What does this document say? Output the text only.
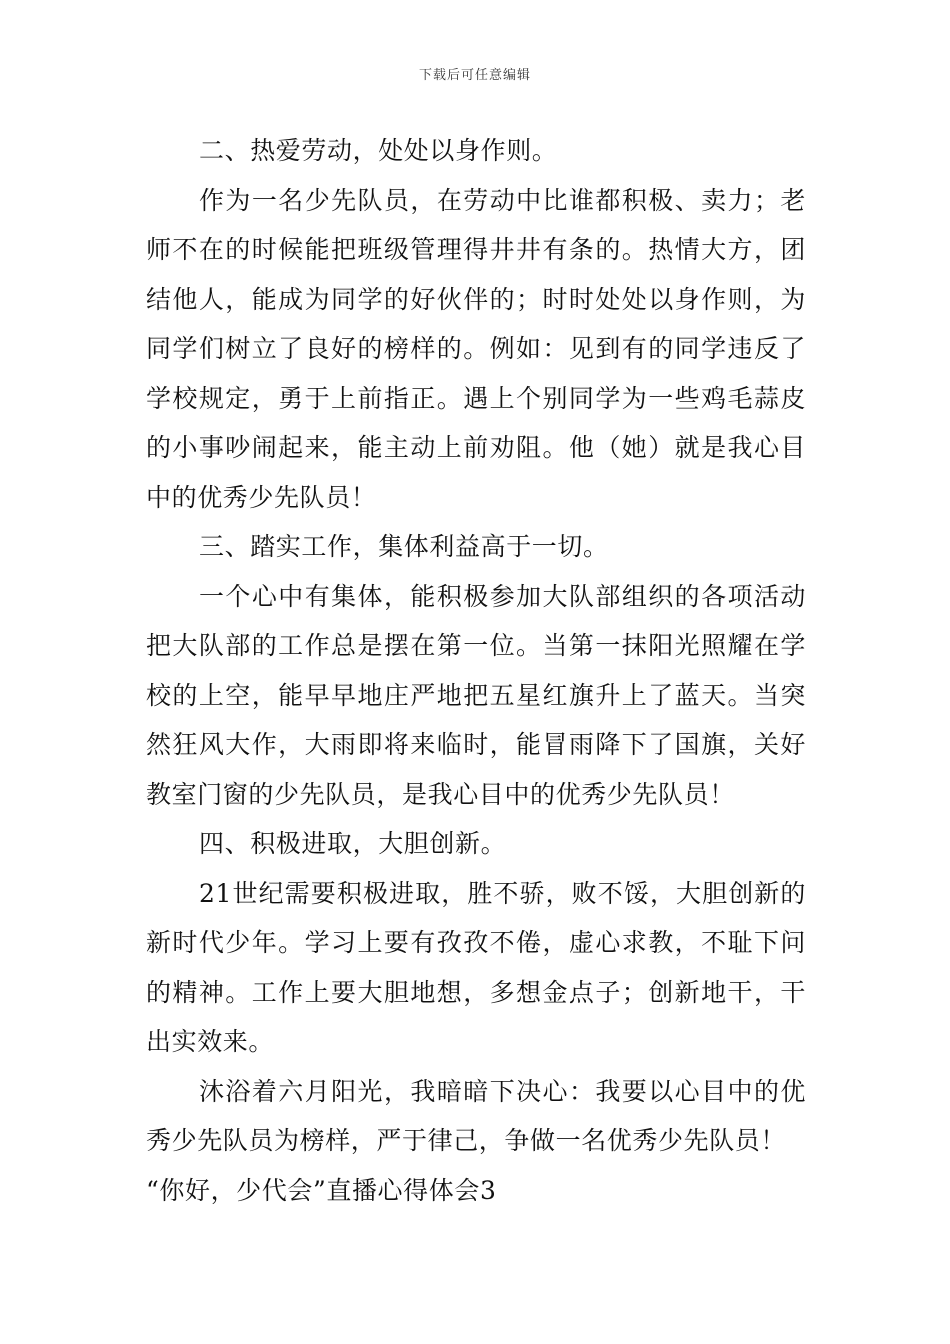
下载后可任意编辑

二、热爱劳动，处处以身作则。

作为一名少先队员，在劳动中比谁都积极、卖力；老师不在的时候能把班级管理得井井有条的。热情大方，团结他人，能成为同学的好伙伴的；时时处处以身作则，为同学们树立了良好的榜样的。例如：见到有的同学违反了学校规定，勇于上前指正。遇上个别同学为一些鸡毛蒜皮的小事吵闹起来，能主动上前劝阻。他（她）就是我心目中的优秀少先队员！

三、踏实工作，集体利益高于一切。

一个心中有集体，能积极参加大队部组织的各项活动把大队部的工作总是摆在第一位。当第一抹阳光照耀在学校的上空，能早早地庄严地把五星红旗升上了蓝天。当突然狂风大作，大雨即将来临时，能冒雨降下了国旗，关好教室门窗的少先队员，是我心目中的优秀少先队员！

四、积极进取，大胆创新。

21世纪需要积极进取，胜不骄，败不馁，大胆创新的新时代少年。学习上要有孜孜不倦，虚心求教，不耻下问的精神。工作上要大胆地想，多想金点子；创新地干，干出实效来。

沐浴着六月阳光，我暗暗下决心：我要以心目中的优秀少先队员为榜样，严于律己，争做一名优秀少先队员！

“你好，少代会”直播心得体会3
